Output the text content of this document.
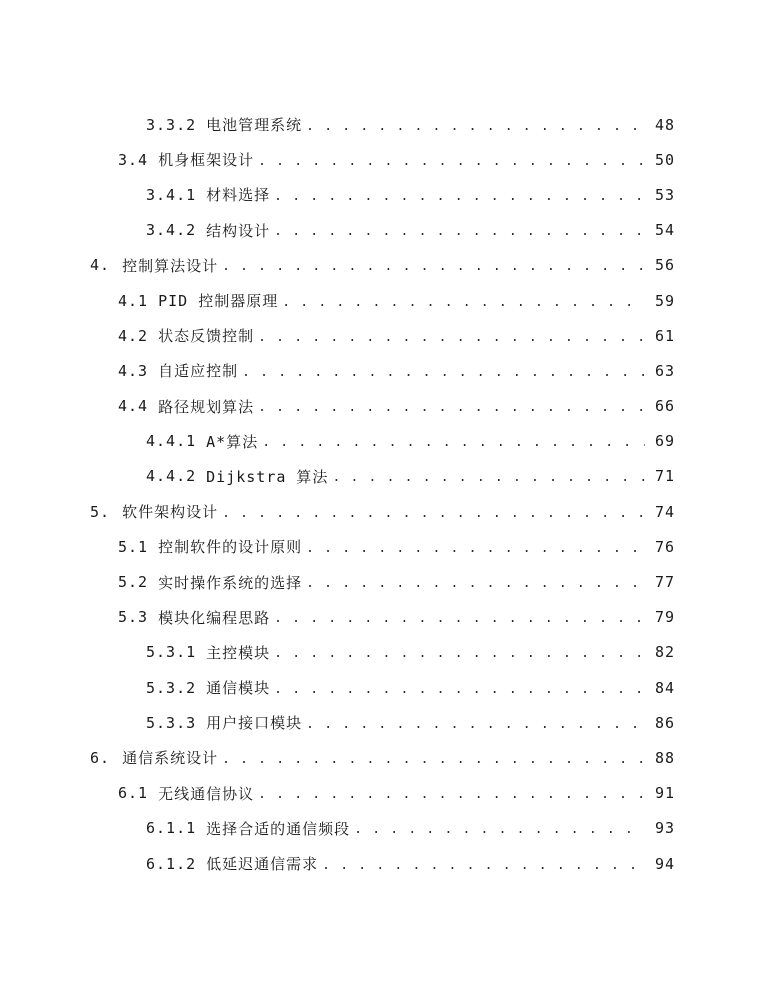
3.3.2 电池管理系统 . . .	48
3.4 机身框架设计 . . .	50
3.4.1 材料选择 . . .	53
3.4.2 结构设计 . . .	54
4. 控制算法设计 . . .	56
4.1 PID 控制器原理 . . .	59
4.2 状态反馈控制 . . .	61
4.3 自适应控制 . . .	63
4.4 路径规划算法 . . .	66
4.4.1 A*算法 . . .	69
4.4.2 Dijkstra 算法 . . .	71
5. 软件架构设计 . . .	74
5.1 控制软件的设计原则 . . .	76
5.2 实时操作系统的选择 . . .	77
5.3 模块化编程思路 . . .	79
5.3.1 主控模块 . . .	82
5.3.2 通信模块 . . .	84
5.3.3 用户接口模块 . . .	86
6. 通信系统设计 . . .	88
6.1 无线通信协议 . . .	91
6.1.1 选择合适的通信频段 . . .	93
6.1.2 低延迟通信需求 . . .	94
